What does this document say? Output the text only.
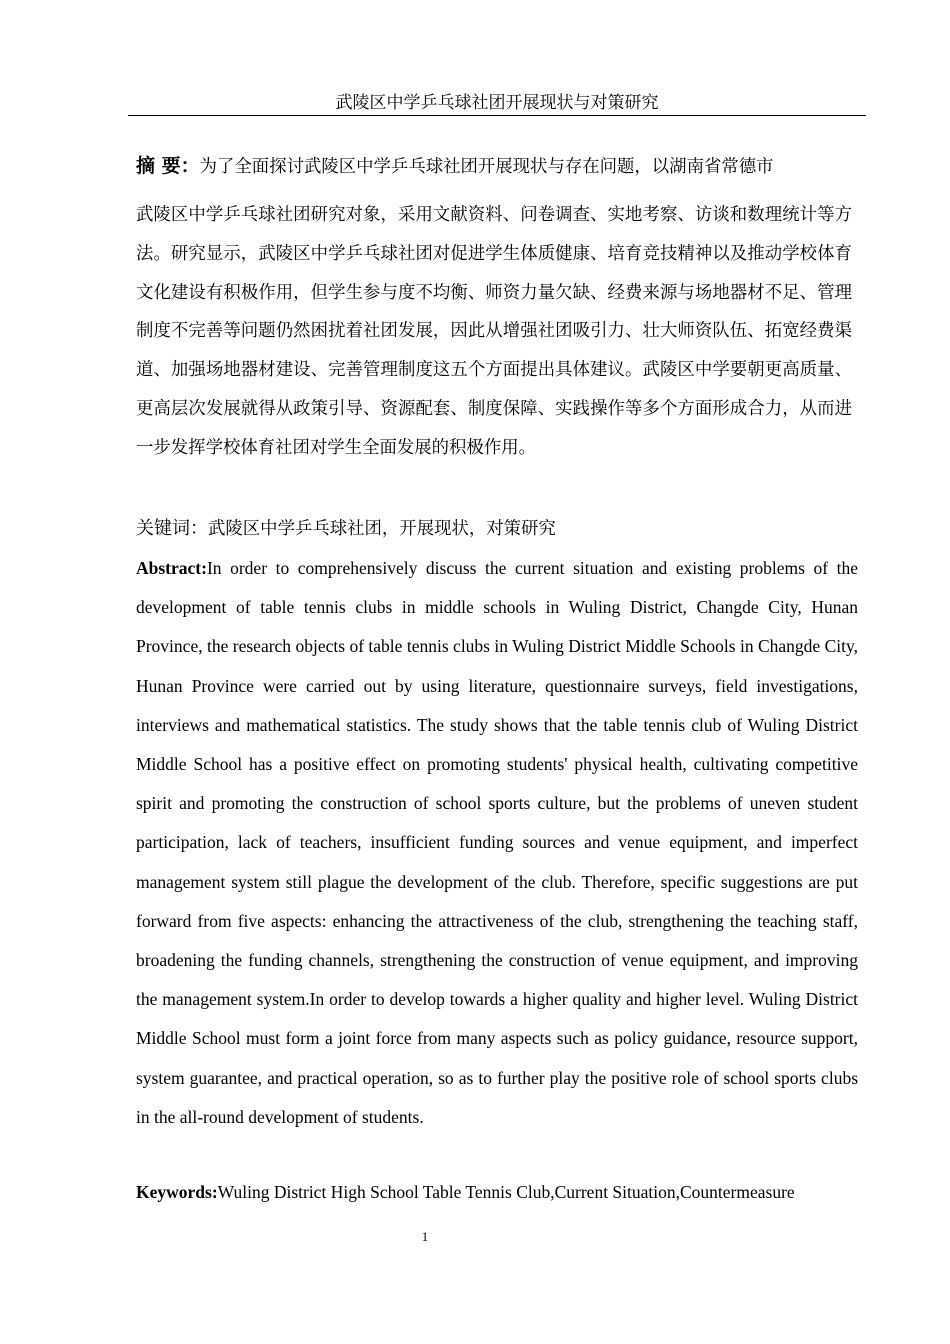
武陵区中学乒乓球社团开展现状与对策研究
摘 要：为了全面探讨武陵区中学乒乓球社团开展现状与存在问题，以湖南省常德市
武陵区中学乒乓球社团研究对象，采用文献资料、问卷调查、实地考察、访谈和数理统计等方法。研究显示，武陵区中学乒乓球社团对促进学生体质健康、培育竞技精神以及推动学校体育文化建设有积极作用，但学生参与度不均衡、师资力量欠缺、经费来源与场地器材不足、管理制度不完善等问题仍然困扰着社团发展，因此从增强社团吸引力、壮大师资队伍、拓宽经费渠道、加强场地器材建设、完善管理制度这五个方面提出具体建议。武陵区中学要朝更高质量、更高层次发展就得从政策引导、资源配套、制度保障、实践操作等多个方面形成合力，从而进一步发挥学校体育社团对学生全面发展的积极作用。
关键词：武陵区中学乒乓球社团，开展现状，对策研究
Abstract:In order to comprehensively discuss the current situation and existing problems of the development of table tennis clubs in middle schools in Wuling District, Changde City, Hunan Province, the research objects of table tennis clubs in Wuling District Middle Schools in Changde City, Hunan Province were carried out by using literature, questionnaire surveys, field investigations, interviews and mathematical statistics. The study shows that the table tennis club of Wuling District Middle School has a positive effect on promoting students' physical health, cultivating competitive spirit and promoting the construction of school sports culture, but the problems of uneven student participation, lack of teachers, insufficient funding sources and venue equipment, and imperfect management system still plague the development of the club. Therefore, specific suggestions are put forward from five aspects: enhancing the attractiveness of the club, strengthening the teaching staff, broadening the funding channels, strengthening the construction of venue equipment, and improving the management system.In order to develop towards a higher quality and higher level. Wuling District Middle School must form a joint force from many aspects such as policy guidance, resource support, system guarantee, and practical operation, so as to further play the positive role of school sports clubs in the all-round development of students.
Keywords:Wuling District High School Table Tennis Club,Current Situation,Countermeasure
1
